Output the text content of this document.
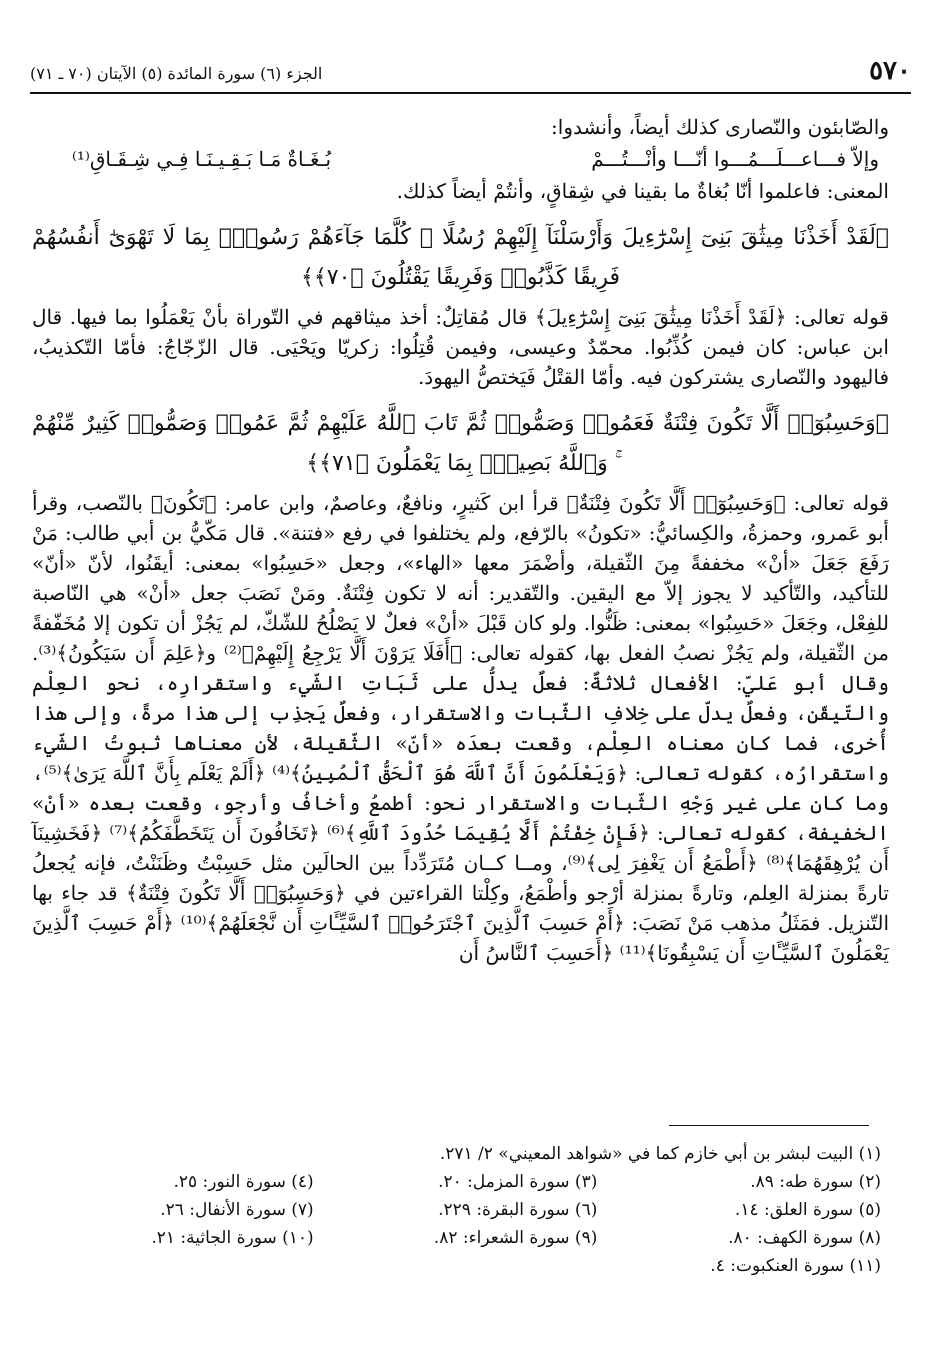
٥٧٠
الجزء (٦) سورة المائدة (٥) الآيتان (٧٠ ـ ٧١)

والصّابئون والنّصارى كذلك أيضاً، وأنشدوا:

وإلاّ فـــاعـــلَـــمُـــوا أنّـــا وأنْـــتُـــمْ
بُـغَـاةٌ مَـا بَـقِـيـنَـا فِـي شِـقَـاقِ⁽¹⁾

المعنى: فاعلموا أنّا بُغاةٌ ما بقينا في شِقاقٍ، وأنتُمْ أيضاً كذلك.

﴿لَقَدْ أَخَذْنَا مِيثَٰقَ بَنِىٓ إِسْرَٰٓءِيلَ وَأَرْسَلْنَآ إِلَيْهِمْ رُسُلًا ۖ كُلَّمَا جَآءَهُمْ رَسُولٌۢ بِمَا لَا تَهْوَىٰٓ أَنفُسُهُمْ فَرِيقًا كَذَّبُوا۟ وَفَرِيقًا يَقْتُلُونَ ﴿٧٠﴾﴾

قوله تعالى: ﴿لَقَدْ أَخَذْنَا مِيثَٰقَ بَنِىٓ إِسْرَٰٓءِيلَ﴾ قال مُقاتِلٌ: أخذ ميثاقهم في التّوراة بأنْ يَعْمَلُوا بما فيها. قال ابن عباس: كان فيمن كُذِّبُوا. محمّدٌ وعيسى، وفيمن قُتِلُوا: زكريّا ويَحْيَى. قال الزّجّاجُ: فأمّا التّكذيبُ، فاليهود والنّصارى يشتركون فيه. وأمّا القتْلُ فَيَختصُّ اليهودَ.

﴿وَحَسِبُوٓا۟ أَلَّا تَكُونَ فِتْنَةٌ فَعَمُوا۟ وَصَمُّوا۟ ثُمَّ تَابَ ٱللَّهُ عَلَيْهِمْ ثُمَّ عَمُوا۟ وَصَمُّوا۟ كَثِيرٌ مِّنْهُمْ ۚ وَٱللَّهُ بَصِيرٌۢ بِمَا يَعْمَلُونَ ﴿٧١﴾﴾

قوله تعالى: ﴿وَحَسِبُوٓا۟ أَلَّا تَكُونَ فِتْنَةٌ﴾ قرأ ابن كَثيرٍ، ونافعٌ، وعاصمٌ، وابن عامر: ﴿تَكُونَ﴾ بالنّصب، وقرأ أبو عَمرو، وحمزةُ، والكِسائيُّ: «تكونُ» بالرّفع، ولم يختلفوا في رفع «فتنة». قال مَكّيُّ بن أبي طالب: مَنْ رَفَعَ جَعَلَ «أنْ» مخففةً مِنَ الثّقيلة، وأضْمَرَ معها «الهاء»، وجعل «حَسِبُوا» بمعنى: أيقَنُوا، لأنّ «أنّ» للتأكيد، والتّأكيد لا يجوز إلاّ مع اليقين. والتّقدير: أنه لا تكون فِتْنَةٌ. ومَنْ نَصَبَ جعل «أنْ» هي النّاصبة للفِعْل، وجَعَلَ «حَسِبُوا» بمعنى: ظَنُّوا. ولو كان قَبْلَ «أنْ» فعلٌ لا يَصْلُحُ للشّكّ، لم يَجُزْ أن تكون إلا مُخَفّفةً من الثّقيلة، ولم يَجُزْ نصبُ الفعل بها، كقوله تعالى: ﴿أَفَلَا يَرَوْنَ أَلَّا يَرْجِعُ إِلَيْهِمْ﴾⁽²⁾ و﴿عَلِمَ أَن سَيَكُونُ﴾⁽³⁾. وقال أبو عَليّ: الأفعال ثلاثةٌ: فعلٌ يدلُّ على ثَبَاتِ الشّيء واستقرارِه، نحو العِلْم والتّيقّن، وفعلٌ يدلّ على خِلافِ الثّبات والاستقرار، وفعلٌ يَجذِب إلى هذا مرةً، وإلى هذا أُخرى، فما كان معناه العِلْم، وقعت بعدَه «أنّ» الثّقيلة، لأن معناها ثبوتُ الشّيء واستقرارُه، كقوله تعالى: ﴿وَيَعْلَمُونَ أَنَّ ٱللَّهَ هُوَ ٱلْحَقُّ ٱلْمُبِينُ﴾⁽⁴⁾ ﴿أَلَمْ يَعْلَم بِأَنَّ ٱللَّهَ يَرَىٰ﴾⁽⁵⁾، وما كان على غير وَجْهِ الثّبات والاستقرار نحو: أطمعُ وأخافُ وأرجو، وقعت بعده «أنْ» الخفيفة، كقوله تعالى: ﴿فَإِنْ خِفْتُمْ أَلَّا يُقِيمَا حُدُودَ ٱللَّهِ﴾⁽⁶⁾ ﴿تَخَافُونَ أَن يَتَخَطَّفَكُمُ﴾⁽⁷⁾ ﴿فَخَشِينَآ أَن يُرْهِقَهُمَا﴾⁽⁸⁾ ﴿أَطْمَعُ أَن يَغْفِرَ لِى﴾⁽⁹⁾، ومــا كــان مُتَرَدِّداً بين الحالَين مثل حَسِبْتُ وظَنَنْتُ، فإنه يُجعلُ تارةً بمنزلة العِلم، وتارةً بمنزلة أرْجو وأطْمَعُ، وكِلْتا القراءتين في ﴿وَحَسِبُوٓا۟ أَلَّا تَكُونَ فِتْنَةٌ﴾ قد جاء بها التّنزيل. فمَثَلُ مذهب مَنْ نَصَبَ: ﴿أَمْ حَسِبَ ٱلَّذِينَ ٱجْتَرَحُوا۟ ٱلسَّيِّـَٔاتِ أَن نَّجْعَلَهُمْ﴾⁽¹⁰⁾ ﴿أَمْ حَسِبَ ٱلَّذِينَ يَعْمَلُونَ ٱلسَّيِّـَٔاتِ أَن يَسْبِقُونَا﴾⁽¹¹⁾ ﴿أَحَسِبَ ٱلنَّاسُ أَن

(١) البيت لبشر بن أبي خازم كما في «شواهد المعيني» ٢/ ٢٧١.
(٢) سورة طه: ٨٩.
(٣) سورة المزمل: ٢٠.
(٤) سورة النور: ٢٥.
(٥) سورة العلق: ١٤.
(٦) سورة البقرة: ٢٢٩.
(٧) سورة الأنفال: ٢٦.
(٨) سورة الكهف: ٨٠.
(٩) سورة الشعراء: ٨٢.
(١٠) سورة الجاثية: ٢١.
(١١) سورة العنكبوت: ٤.
